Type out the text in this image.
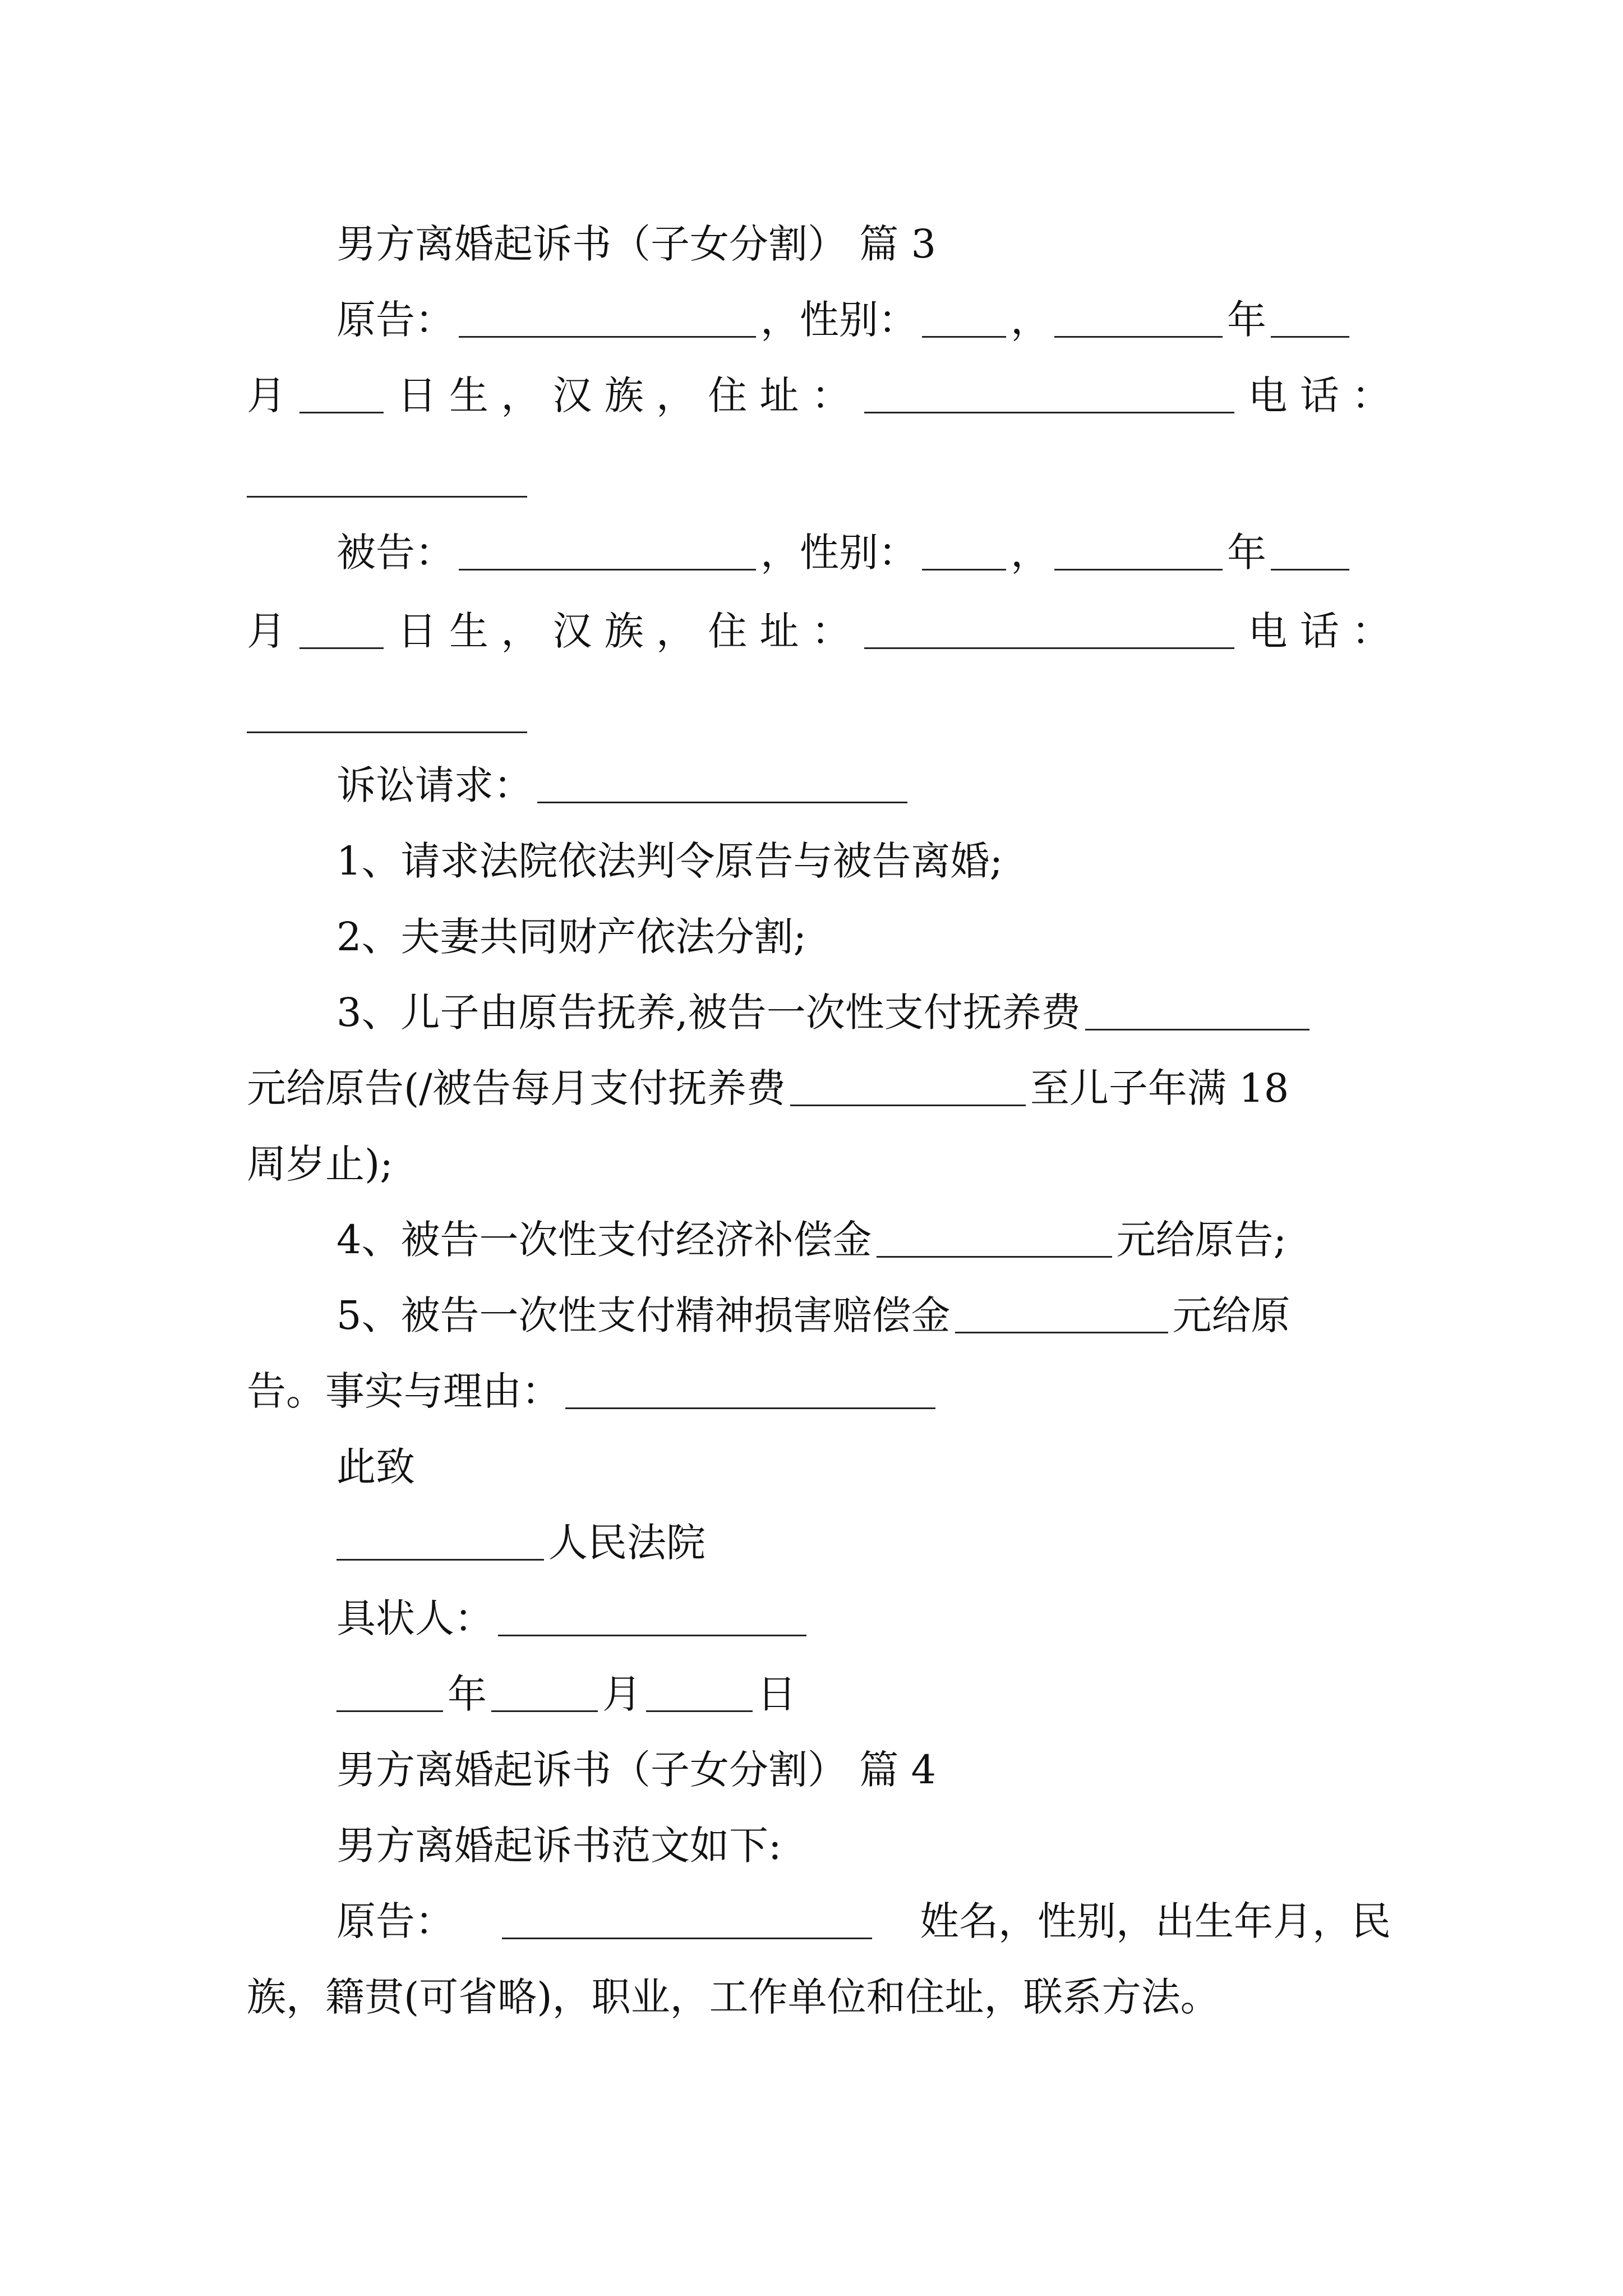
男方离婚起诉书（子女分割） 篇 3
原告：	，性别： ，	年
月	日 生 ， 汉 族 ， 住 址 ：	电 话 ：
被告：	，性别： ，	年
月	日 生 ， 汉 族 ， 住 址 ：	电 话 ：
诉讼请求：
1、请求法院依法判令原告与被告离婚;
2、夫妻共同财产依法分割;
3、儿子由原告抚养,被告一次性支付抚养费
元给原告(/被告每月支付抚养费	至儿子年满 18
周岁止);
4、被告一次性支付经济补偿金	元给原告;
5、被告一次性支付精神损害赔偿金	元给原
告。事实与理由：
此致
人民法院
具状人：
年	月	日
男方离婚起诉书（子女分割） 篇 4
男方离婚起诉书范文如下:
原告：	姓名，性别，出生年月，民
族，籍贯(可省略)，职业，工作单位和住址，联系方法。
